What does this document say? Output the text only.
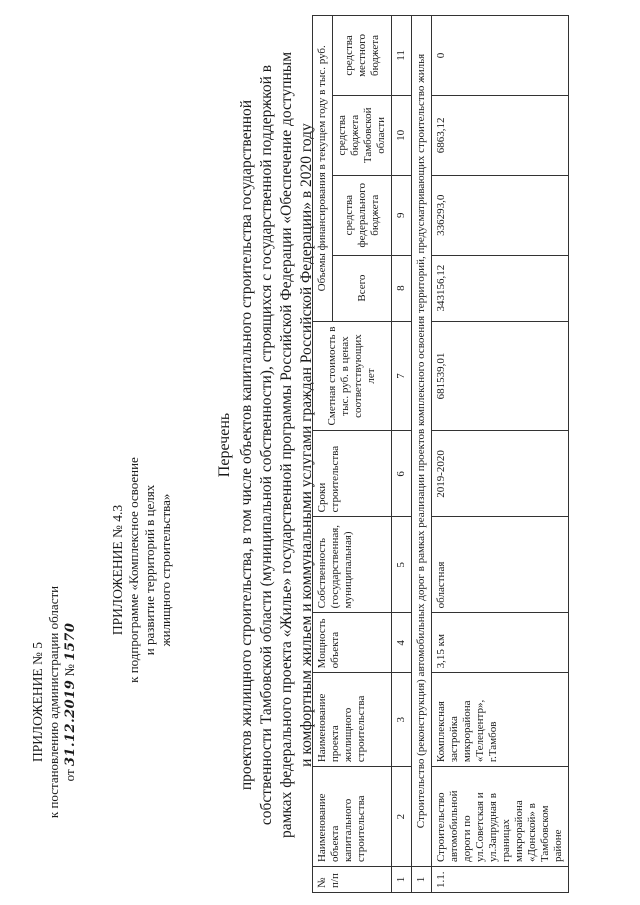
ПРИЛОЖЕНИЕ № 5 к постановлению администрации области от 31.12.2019 № 1570
ПРИЛОЖЕНИЕ № 4.3 к подпрограмме «Комплексное освоение и развитие территорий в целях жилищного строительства»
Перечень проектов жилищного строительства, в том числе объектов капитального строительства государственной собственности Тамбовской области (муниципальной собственности), строящихся с государственной поддержкой в рамках федерального проекта «Жилье» государственной программы Российской Федерации «Обеспечение доступным и комфортным жильем и коммунальными услугами граждан Российской Федерации» в 2020 году
№ п/п	Наименование объекта капитального строительства	Наименование проекта жилищного строительства	Мощность объекта	Собственность (государственная, муниципальная)	Сроки строительства	Сметная стоимость в тыс. руб. в ценах соответствующих лет	Объемы финансирования в текущем году в тыс. руб.			
							Всего	средства федерального бюджета	средства бюджета Тамбовской области	средства местного бюджета
1	2	3	4	5	6	7	8	9	10	11
1	Строительство (реконструкция) автомобильных дорог в рамках реализации проектов комплексного освоения территорий, предусматривающих строительство жилья									
1.1.	Строительство автомобильной дороги по ул.Советская и ул.Запрудная в границах микрорайона «Донской» в Тамбовском районе	Комплексная застройка микрорайона «Телецентр», г.Тамбов	3,15 км	областная	2019-2020	681539,01	343156,12	336293,0	6863,12	0
